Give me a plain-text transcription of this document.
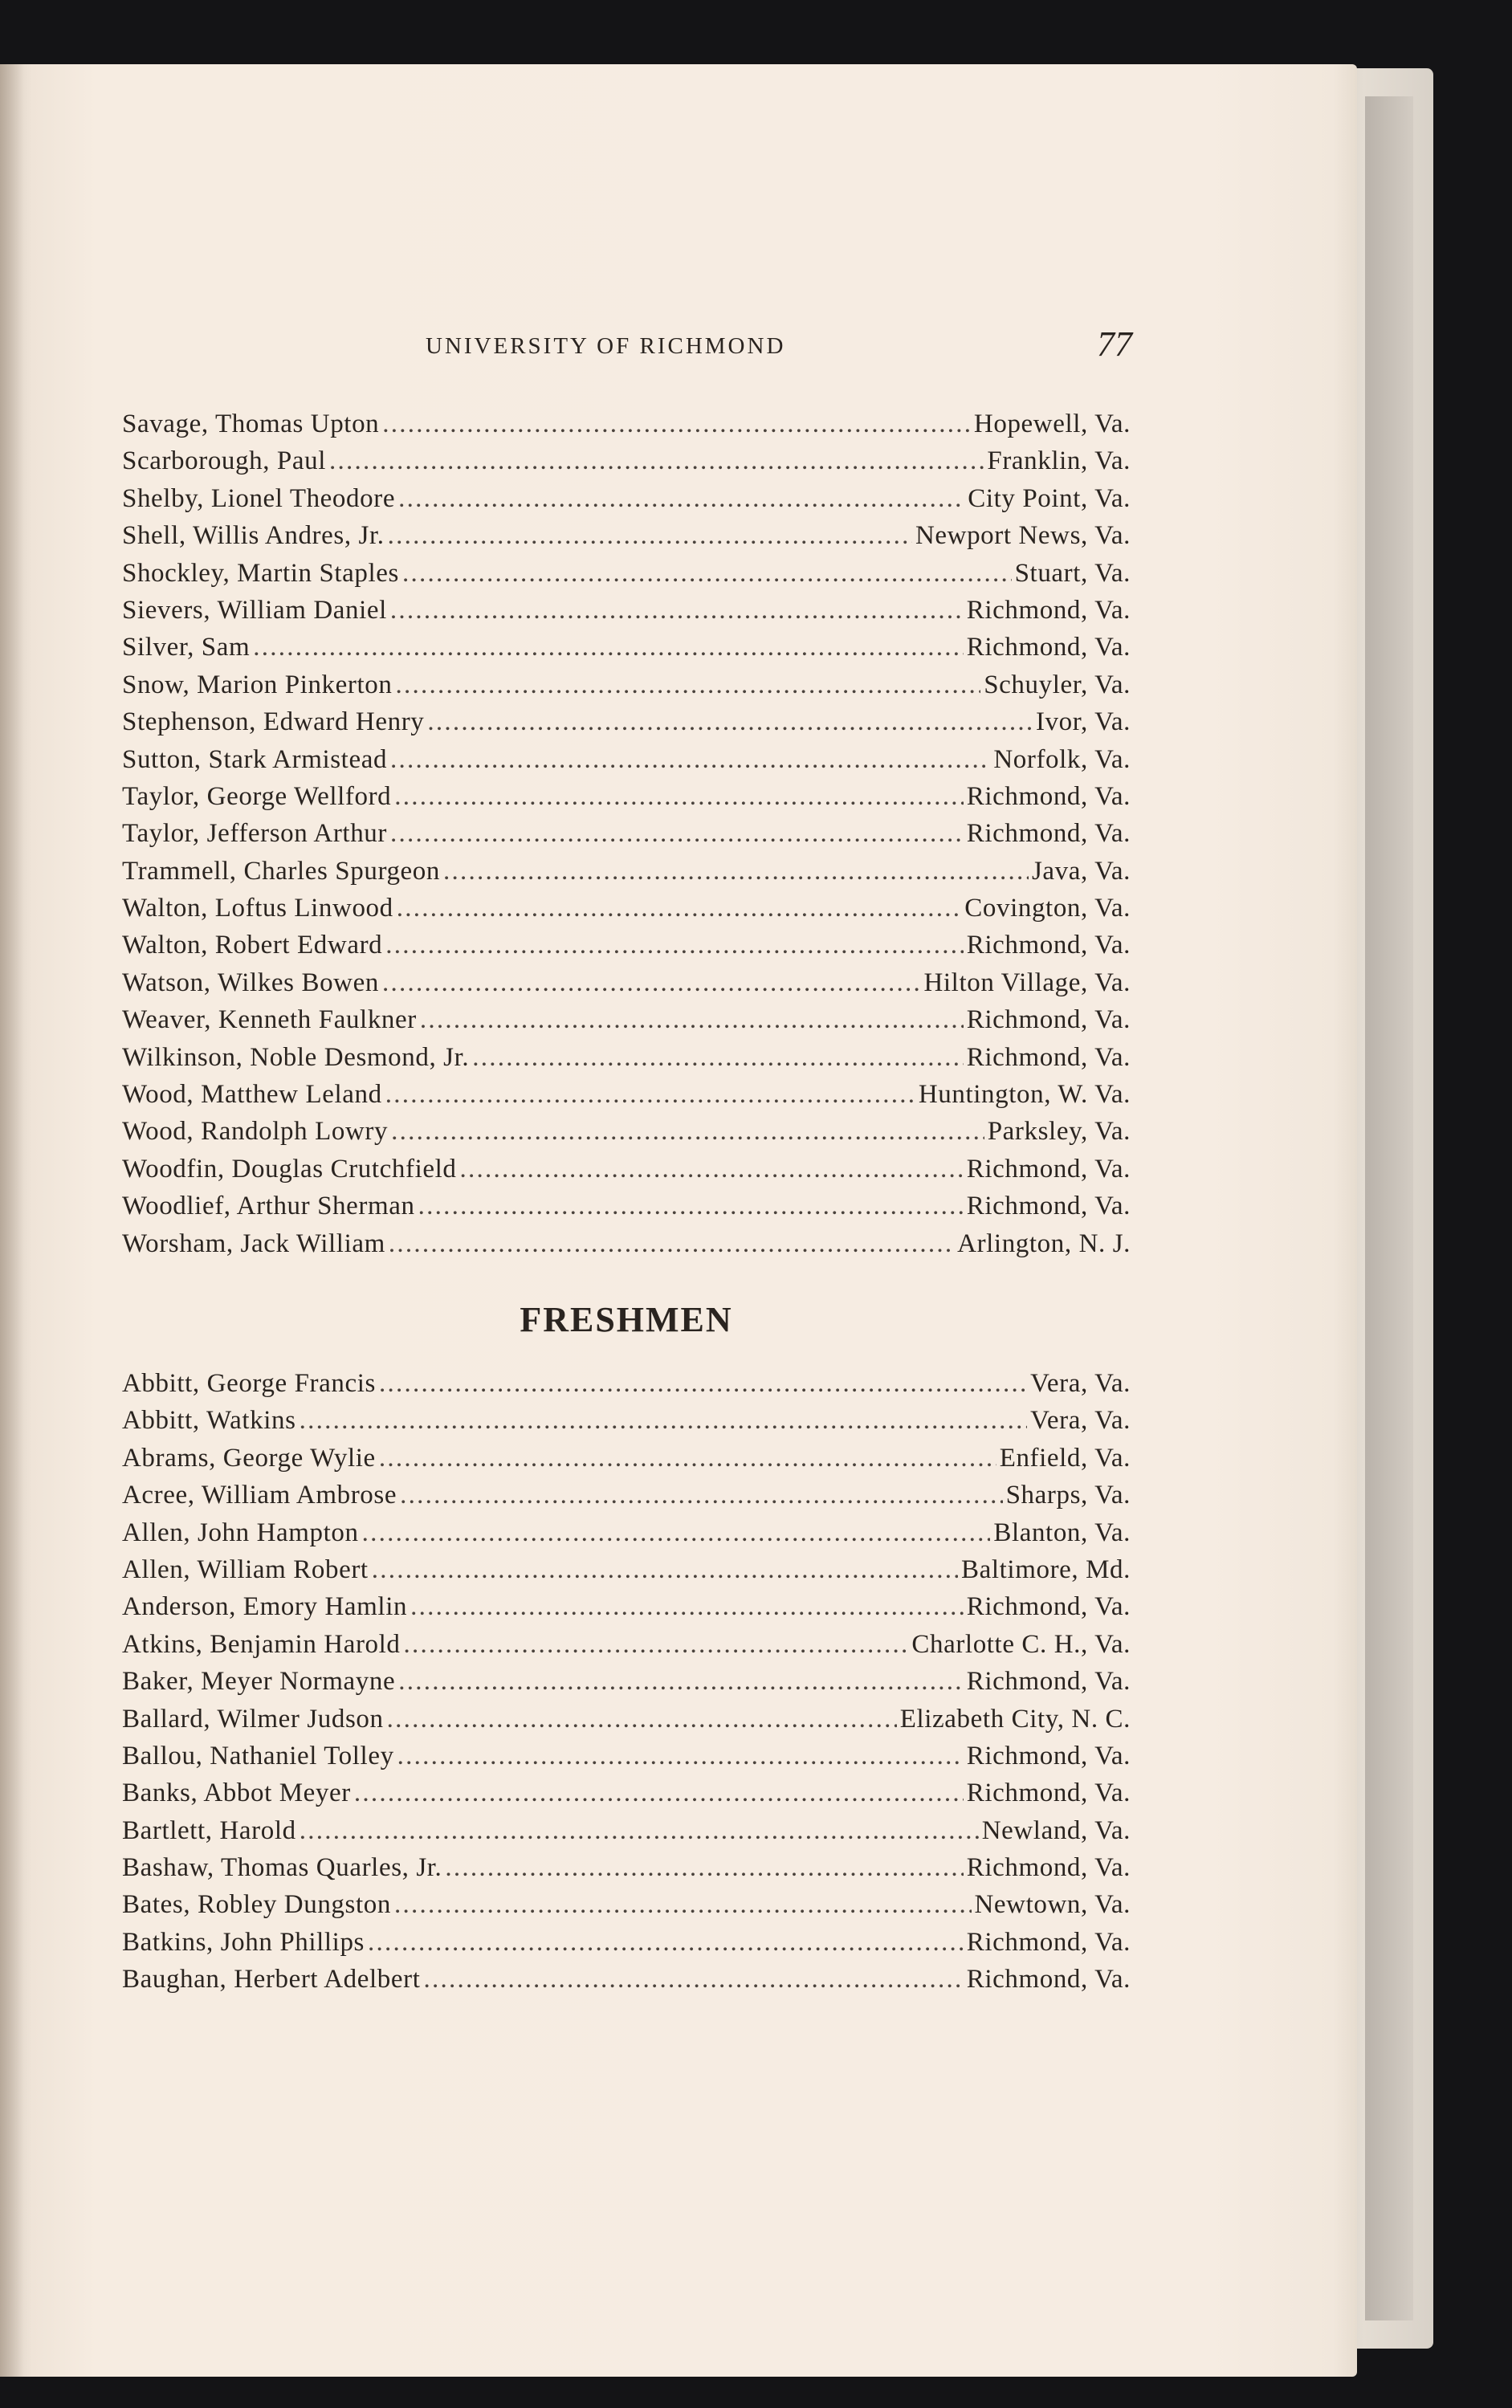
UNIVERSITY OF RICHMOND	77
Savage, Thomas Upton . . .	Hopewell, Va.
Scarborough, Paul . . .	Franklin, Va.
Shelby, Lionel Theodore . . .	City Point, Va.
Shell, Willis Andres, Jr. . . .	Newport News, Va.
Shockley, Martin Staples . . .	Stuart, Va.
Sievers, William Daniel . . .	Richmond, Va.
Silver, Sam . . .	Richmond, Va.
Snow, Marion Pinkerton . . .	Schuyler, Va.
Stephenson, Edward Henry . . .	Ivor, Va.
Sutton, Stark Armistead . . .	Norfolk, Va.
Taylor, George Wellford . . .	Richmond, Va.
Taylor, Jefferson Arthur . . .	Richmond, Va.
Trammell, Charles Spurgeon . . .	Java, Va.
Walton, Loftus Linwood . . .	Covington, Va.
Walton, Robert Edward . . .	Richmond, Va.
Watson, Wilkes Bowen . . .	Hilton Village, Va.
Weaver, Kenneth Faulkner . . .	Richmond, Va.
Wilkinson, Noble Desmond, Jr. . . .	Richmond, Va.
Wood, Matthew Leland . . .	Huntington, W. Va.
Wood, Randolph Lowry . . .	Parksley, Va.
Woodfin, Douglas Crutchfield . . .	Richmond, Va.
Woodlief, Arthur Sherman . . .	Richmond, Va.
Worsham, Jack William . . .	Arlington, N. J.
FRESHMEN
Abbitt, George Francis . . .	Vera, Va.
Abbitt, Watkins . . .	Vera, Va.
Abrams, George Wylie . . .	Enfield, Va.
Acree, William Ambrose . . .	Sharps, Va.
Allen, John Hampton . . .	Blanton, Va.
Allen, William Robert . . .	Baltimore, Md.
Anderson, Emory Hamlin . . .	Richmond, Va.
Atkins, Benjamin Harold . . .	Charlotte C. H., Va.
Baker, Meyer Normayne . . .	Richmond, Va.
Ballard, Wilmer Judson . . .	Elizabeth City, N. C.
Ballou, Nathaniel Tolley . . .	Richmond, Va.
Banks, Abbot Meyer . . .	Richmond, Va.
Bartlett, Harold . . .	Newland, Va.
Bashaw, Thomas Quarles, Jr. . . .	Richmond, Va.
Bates, Robley Dungston . . .	Newtown, Va.
Batkins, John Phillips . . .	Richmond, Va.
Baughan, Herbert Adelbert . . .	Richmond, Va.
